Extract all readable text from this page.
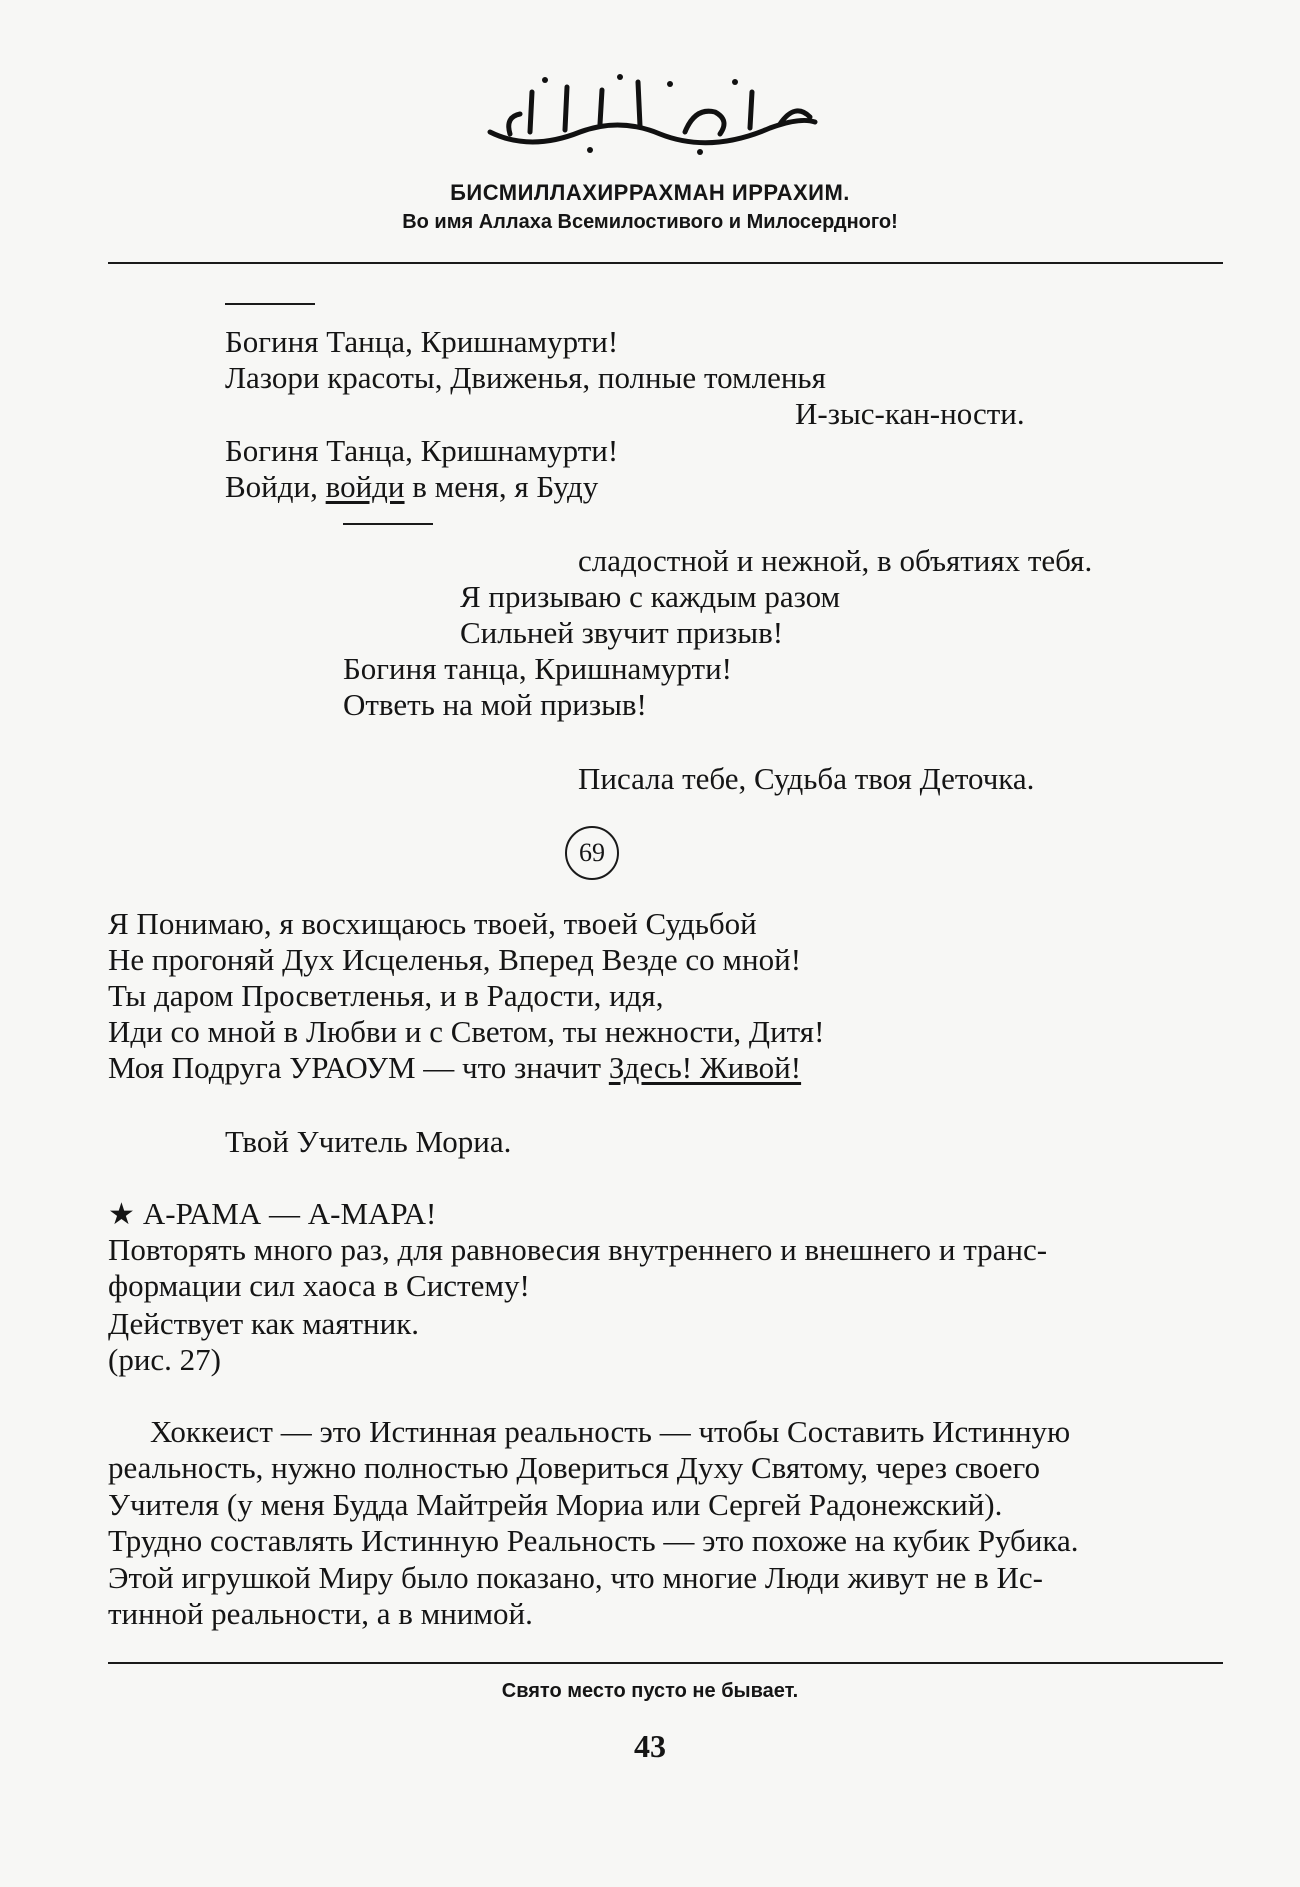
БИСМИЛЛАХИРРАХМАН ИРРАХИМ.
Во имя Аллаха Всемилостивого и Милосердного!
Богиня Танца, Кришнамурти!
Лазори красоты, Движенья, полные томленья
И-зыс-кан-ности.
Богиня Танца, Кришнамурти!
Войди, войди в меня, я Буду
сладостной и нежной, в объятиях тебя.
Я призываю с каждым разом
Сильней звучит призыв!
Богиня танца, Кришнамурти!
Ответь на мой призыв!
Писала тебе, Судьба твоя Деточка.
69
Я Понимаю, я восхищаюсь твоей, твоей Судьбой
Не прогоняй Дух Исцеленья, Вперед Везде со мной!
Ты даром Просветленья, и в Радости, идя,
Иди со мной в Любви и с Светом, ты нежности, Дитя!
Моя Подруга УРАОУМ — что значит Здесь! Живой!
Твой Учитель Мориа.
★ А-РАМА — А-МАРА!
Повторять много раз, для равновесия внутреннего и внешнего и транс-
формации сил хаоса в Систему!
Действует как маятник.
(рис. 27)
Хоккеист — это Истинная реальность — чтобы Составить Истинную
реальность, нужно полностью Довериться Духу Святому, через своего
Учителя (у меня Будда Майтрейя Мориа или Сергей Радонежский).
Трудно составлять Истинную Реальность — это похоже на кубик Рубика.
Этой игрушкой Миру было показано, что многие Люди живут не в Ис-
тинной реальности, а в мнимой.
Свято место пусто не бывает.
43
